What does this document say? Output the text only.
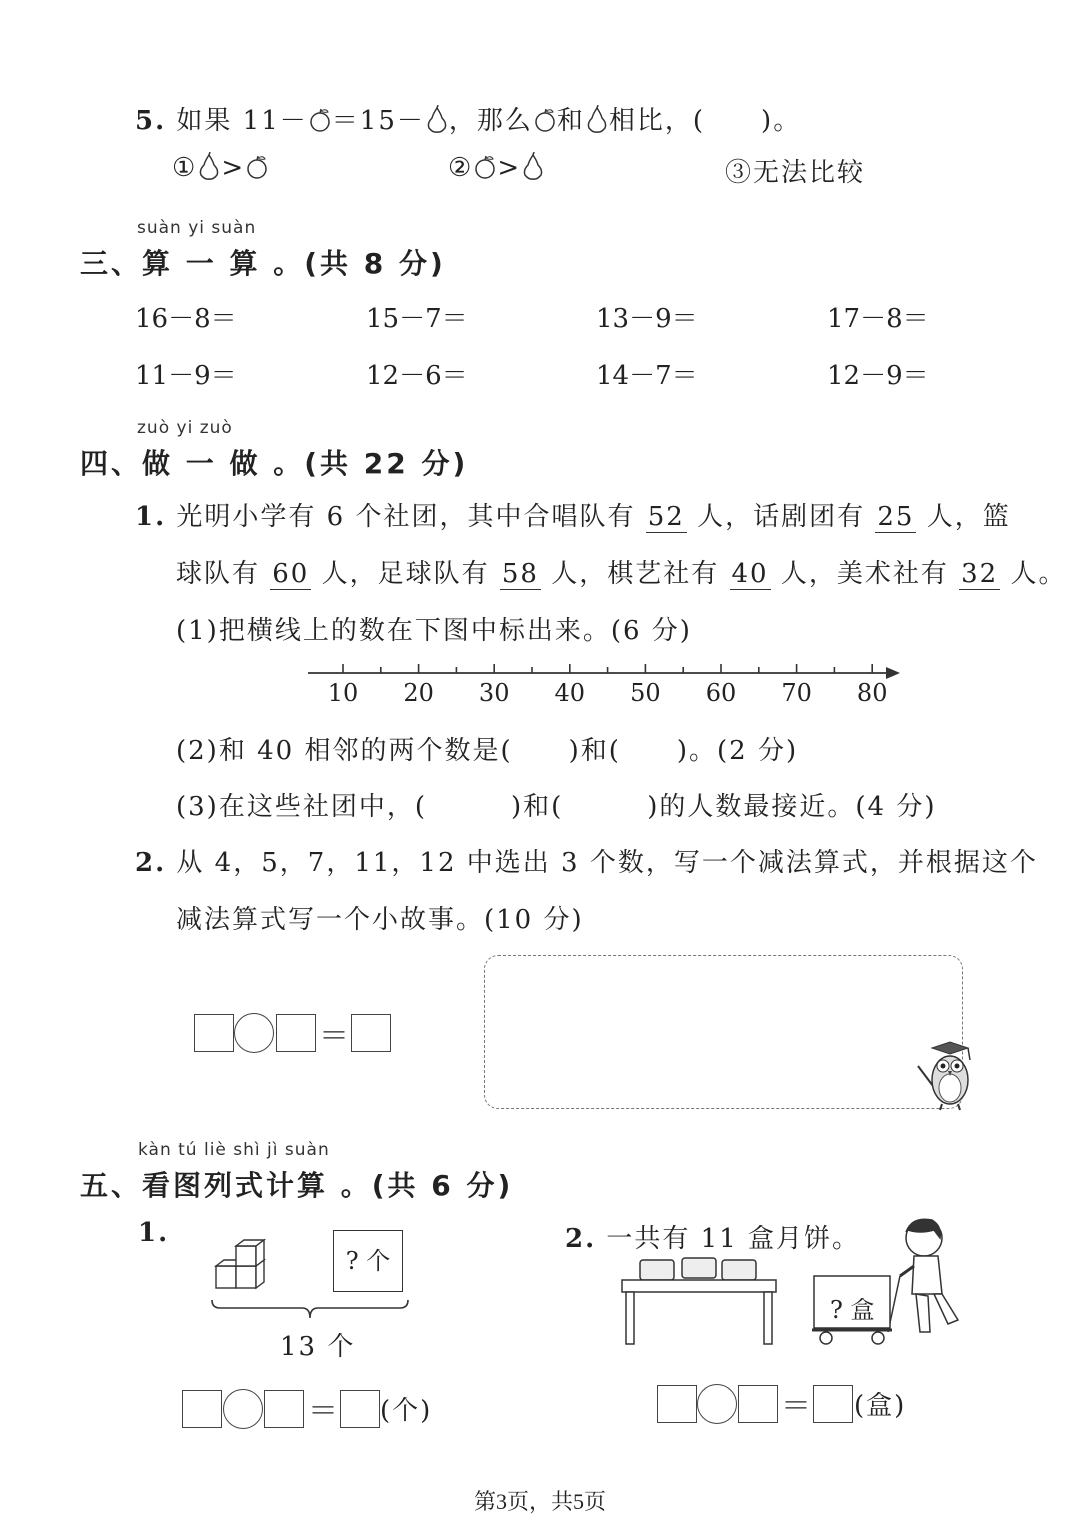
5. 如果 11－ ＝15－ ，那么 和 相比，(　　)。
① >	② >	③无法比较
suàn yi suàn
三、算 一 算 。(共 8 分)
16－8＝	15－7＝	13－9＝	17－8＝
11－9＝	12－6＝	14－7＝	12－9＝
zuò yi zuò
四、做 一 做 。(共 22 分)
1. 光明小学有 6 个社团，其中合唱队有 52 人，话剧团有 25 人，篮
球队有 60 人，足球队有 58 人，棋艺社有 40 人，美术社有 32 人。
(1)把横线上的数在下图中标出来。(6 分)
10 20 30 40 50 60 70 80
(2)和 40 相邻的两个数是(　　)和(　　)。(2 分)
(3)在这些社团中，(　　　)和(　　　)的人数最接近。(4 分)
2. 从 4，5，7，11，12 中选出 3 个数，写一个减法算式，并根据这个
减法算式写一个小故事。(10 分)
＝
kàn tú liè shì jì suàn
五、看图列式计算 。(共 6 分)
1.
? 个
13 个
＝ (个)
2. 一共有 11 盒月饼。
? 盒
＝ (盒)
第3页，共5页
